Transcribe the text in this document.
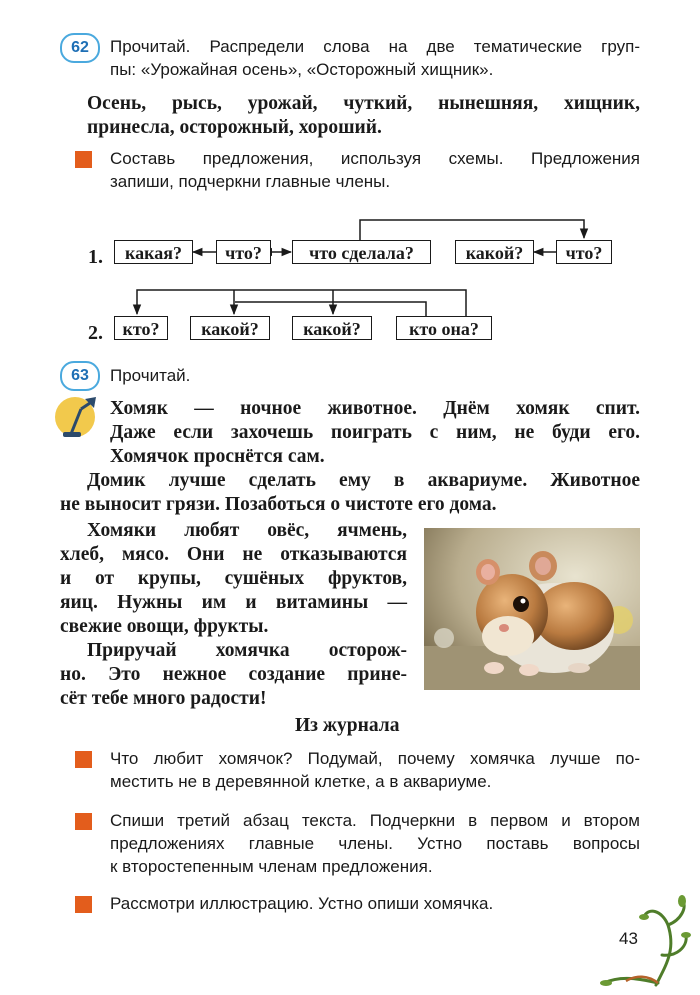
62	Прочитай. Распредели слова на две тематические груп-
пы: «Урожайная осень», «Осторожный хищник».
Осень, рысь, урожай, чуткий, нынешняя, хищник,
принесла, осторожный, хороший.
Составь предложения, используя схемы. Предложения
запиши, подчеркни главные члены.
1.	какая?	что?	что сделала?	какой?	что?
2.	кто?	какой?	какой?	кто она?
63	Прочитай.
Хомяк — ночное животное. Днём хомяк спит.
Даже если захочешь поиграть с ним, не буди его.
Хомячок проснётся сам.
Домик лучше сделать ему в аквариуме. Животное
не выносит грязи. Позаботься о чистоте его дома.
Хомяки любят овёс, ячмень,
хлеб, мясо. Они не отказываются
и от крупы, сушёных фруктов,
яиц. Нужны им и витамины —
свежие овощи, фрукты.
Приручай хомячка осторож-
но. Это нежное создание прине-
сёт тебе много радости!
Из журнала
Что любит хомячок? Подумай, почему хомячка лучше по-
местить не в деревянной клетке, а в аквариуме.
Спиши третий абзац текста. Подчеркни в первом и втором
предложениях главные члены. Устно поставь вопросы
к второстепенным членам предложения.
Рассмотри иллюстрацию. Устно опиши хомячка.
43
